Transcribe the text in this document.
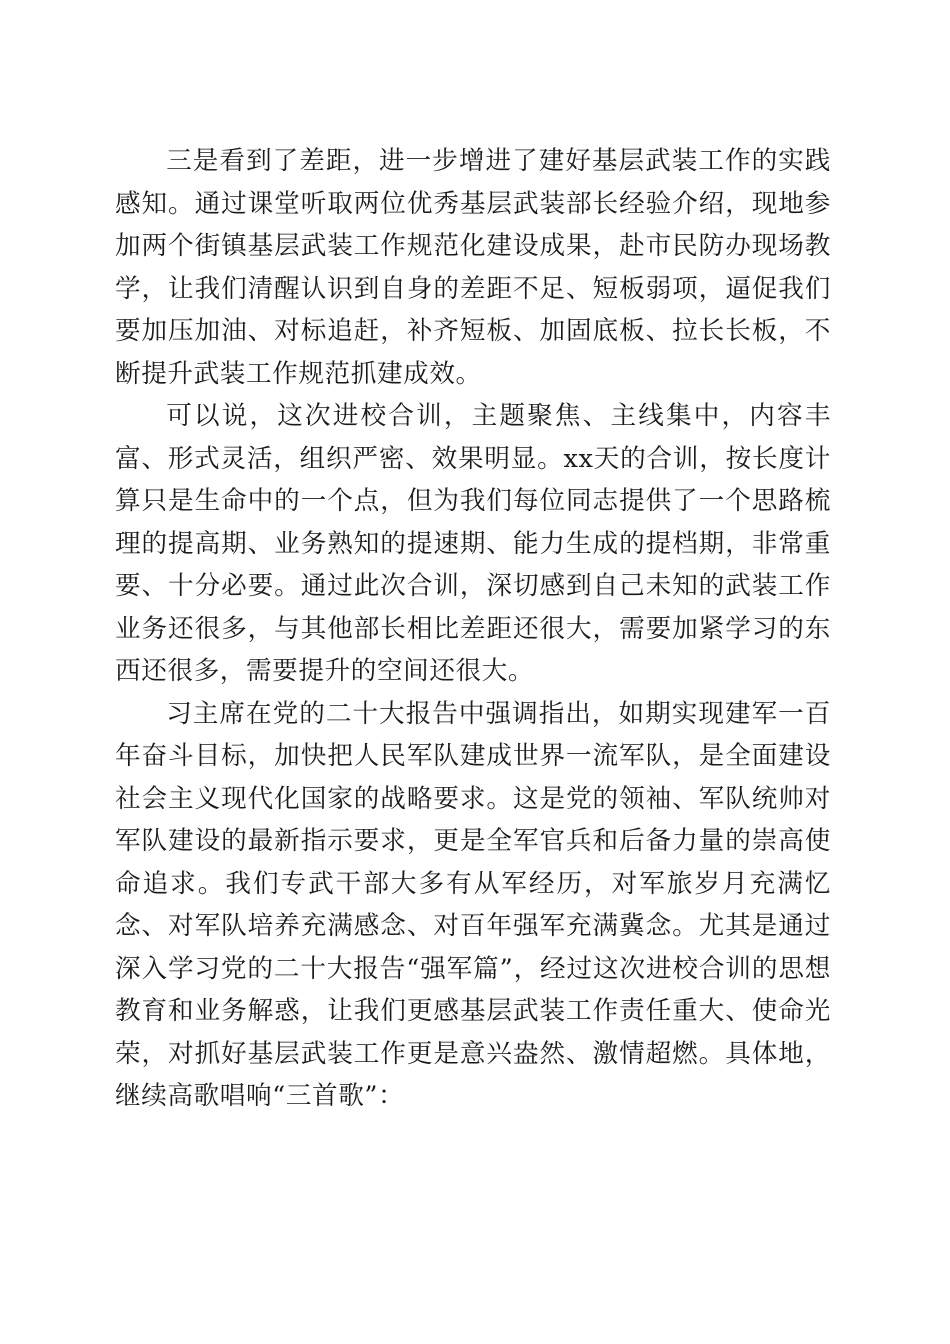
三是看到了差距，进一步增进了建好基层武装工作的实践感知。通过课堂听取两位优秀基层武装部长经验介绍，现地参加两个街镇基层武装工作规范化建设成果，赴市民防办现场教学，让我们清醒认识到自身的差距不足、短板弱项，逼促我们要加压加油、对标追赶，补齐短板、加固底板、拉长长板，不断提升武装工作规范抓建成效。

可以说，这次进校合训，主题聚焦、主线集中，内容丰富、形式灵活，组织严密、效果明显。xx天的合训，按长度计算只是生命中的一个点，但为我们每位同志提供了一个思路梳理的提高期、业务熟知的提速期、能力生成的提档期，非常重要、十分必要。通过此次合训，深切感到自己未知的武装工作业务还很多，与其他部长相比差距还很大，需要加紧学习的东西还很多，需要提升的空间还很大。

习主席在党的二十大报告中强调指出，如期实现建军一百年奋斗目标，加快把人民军队建成世界一流军队，是全面建设社会主义现代化国家的战略要求。这是党的领袖、军队统帅对军队建设的最新指示要求，更是全军官兵和后备力量的崇高使命追求。我们专武干部大多有从军经历，对军旅岁月充满忆念、对军队培养充满感念、对百年强军充满冀念。尤其是通过深入学习党的二十大报告“强军篇”，经过这次进校合训的思想教育和业务解惑，让我们更感基层武装工作责任重大、使命光荣，对抓好基层武装工作更是意兴盎然、激情超燃。具体地，继续高歌唱响“三首歌”：
